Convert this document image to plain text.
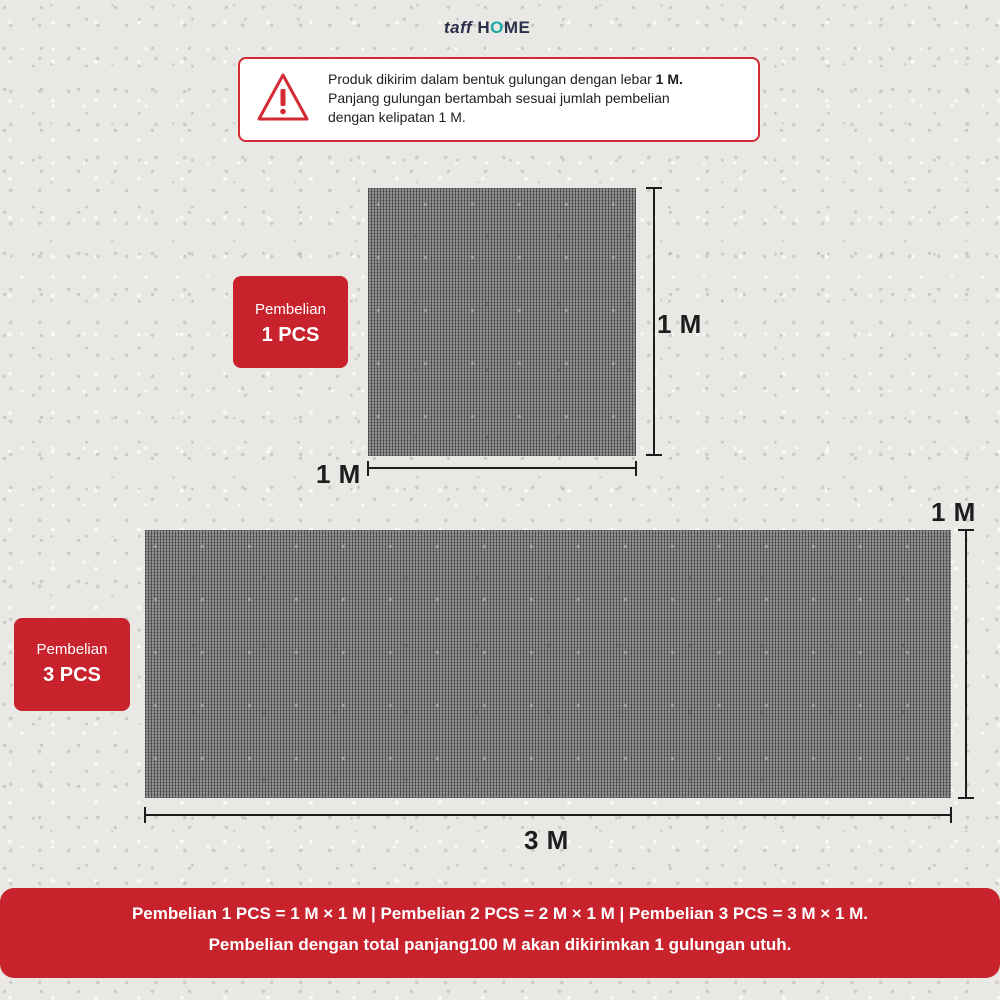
taff HOME
Produk dikirim dalam bentuk gulungan dengan lebar 1 M.
Panjang gulungan bertambah sesuai jumlah pembelian
dengan kelipatan 1 M.
Pembelian
1 PCS	1 M
1 M
Pembelian
3 PCS
1 M
3 M
Pembelian 1 PCS = 1 M × 1 M | Pembelian 2 PCS = 2 M × 1 M | Pembelian 3 PCS = 3 M × 1 M.
Pembelian dengan total panjang100 M akan dikirimkan 1 gulungan utuh.
